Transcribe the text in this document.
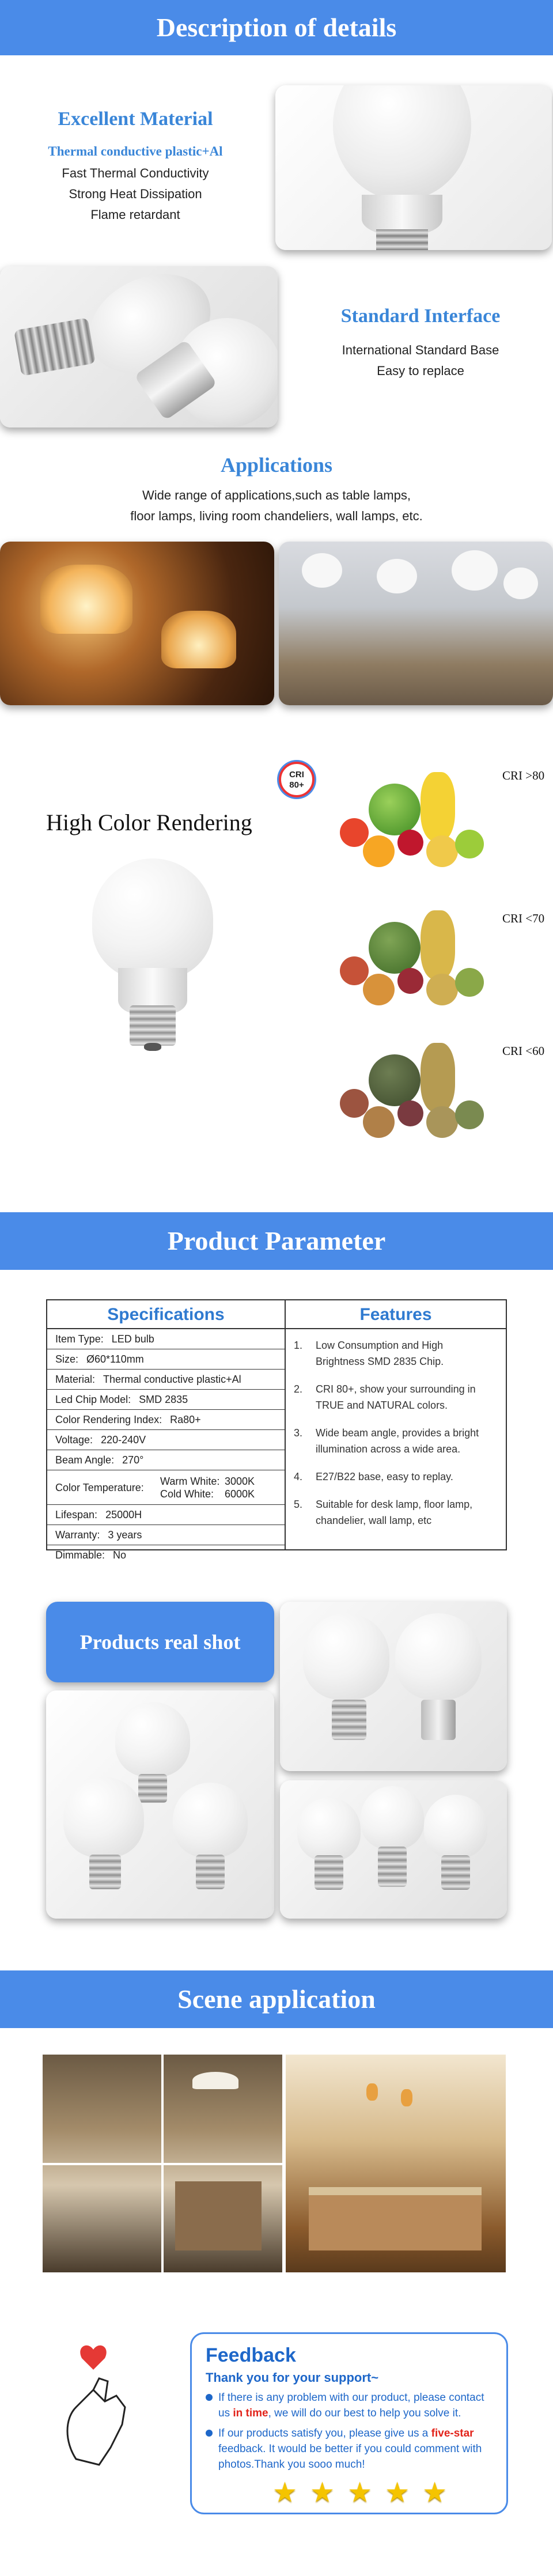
Description of details
Excellent Material
Thermal conductive plastic+Al
Fast Thermal Conductivity
Strong Heat Dissipation
Flame retardant
Standard Interface
International Standard Base
Easy to replace
Applications
Wide range of applications,such as table lamps,
floor lamps, living room chandeliers, wall lamps, etc.
High Color Rendering
CRI
80+
CRI >80
CRI <70
CRI <60
Product Parameter
Specifications
Item Type: LED bulb
Size: Ø60*110mm
Material: Thermal conductive plastic+Al
Led Chip Model: SMD 2835
Color Rendering Index: Ra80+
Voltage: 220-240V
Beam Angle: 270°
Color Temperature:
Warm White: 3000K
Cold White: 6000K
Lifespan: 25000H
Warranty: 3 years
Dimmable: No
Features
1.	Low Consumption and High Brightness SMD 2835 Chip.
2.	CRI 80+, show your surrounding in TRUE and NATURAL colors.
3.	Wide beam angle, provides a bright illumination across a wide area.
4.	E27/B22 base, easy to replay.
5.	Suitable for desk lamp, floor lamp, chandelier, wall lamp, etc
Products real shot
Scene application
Feedback
Thank you for your support~
If there is any problem with our product, please contact us in time, we will do our best to help you solve it.
If our products satisfy you, please give us a five-star feedback. It would be better if you could comment with photos.Thank you sooo much!
★ ★ ★ ★ ★
